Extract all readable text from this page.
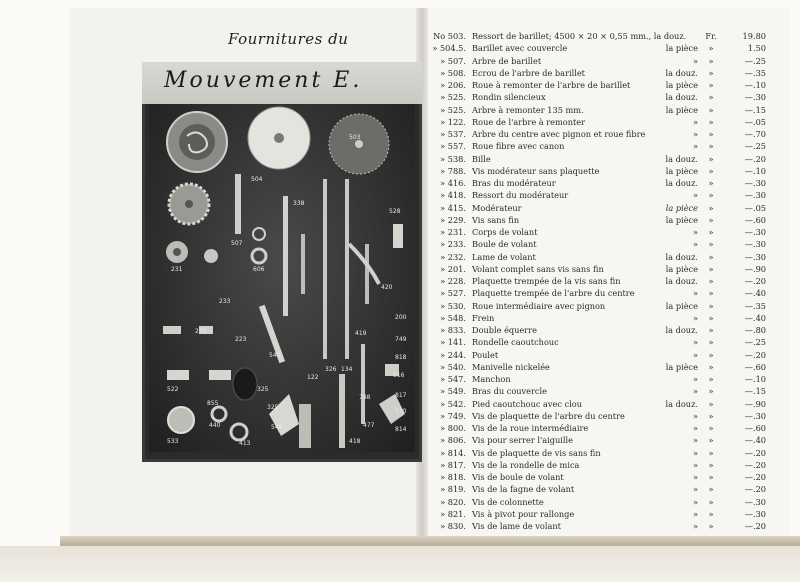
Fournitures du
Mouvement E.
504
503
507
606
338
528
231
420
233
419
200
229
540
325
326
749
818
223
122
134
516
522	325
788	817
533
440
413
477
530
548
418
814
855
No 503. Ressort de barillet; 4500 × 20 × 0,55 mm., la douz.	Fr.	19.80
» 504.5. Barillet avec couvercle	la pièce	»	1.50
» 507. Arbre de barillet	»	»	—.25
» 508. Ecrou de l'arbre de barillet	la douz.	»	—.35
» 206. Roue à remonter de l'arbre de barillet	la pièce	»	—.10
» 525. Rondin silencieux	la douz.	»	—.30
» 525. Arbre à remonter 135 mm.	la pièce	»	—.15
» 122. Roue de l'arbre à remonter	»	»	—.05
» 537. Arbre du centre avec pignon et roue fibre	»	»	—.70
» 557. Roue fibre avec canon	»	»	—.25
» 538. Bille	la douz.	»	—.20
» 788. Vis modérateur sans plaquette	la pièce	»	—.10
» 416. Bras du modérateur	la douz.	»	—.30
» 418. Ressort du modérateur	»	»	—.30
» 415. Modérateur	la pièce	»	—.05
» 229. Vis sans fin	la pièce	»	—.60
» 231. Corps de volant	»	»	—.30
» 233. Boule de volant	»	»	—.30
» 232. Lame de volant	la douz.	»	—.30
» 201. Volant complet sans vis sans fin	la pièce	»	—.90
» 228. Plaquette trempée de la vis sans fin	la douz.	»	—.20
» 527. Plaquette trempée de l'arbre du centre	»	»	—.40
» 530. Roue intermédiaire avec pignon	la pièce	»	—.35
» 548. Frein	»	»	—.40
» 833. Double équerre	la douz.	»	—.80
» 141. Rondelle caoutchouc	»	»	—.25
» 244. Poulet	»	»	—.20
» 540. Manivelle nickelée	la pièce	»	—.60
» 547. Manchon	»	»	—.10
» 549. Bras du couvercle	»	»	—.15
» 542. Pied caoutchouc avec clou	la douz.	»	—.90
» 749. Vis de plaquette de l'arbre du centre	»	»	—.30
» 800. Vis de la roue intermédiaire	»	»	—.60
» 806. Vis pour serrer l'aiguille	»	»	—.40
» 814. Vis de plaquette de vis sans fin	»	»	—.20
» 817. Vis de la rondelle de mica	»	»	—.20
» 818. Vis de boule de volant	»	»	—.20
» 819. Vis de la fagne de volant	»	»	—.20
» 820. Vis de colonnette	»	»	—.30
» 821. Vis à pivot pour rallonge	»	»	—.30
» 830. Vis de lame de volant	»	»	—.20
